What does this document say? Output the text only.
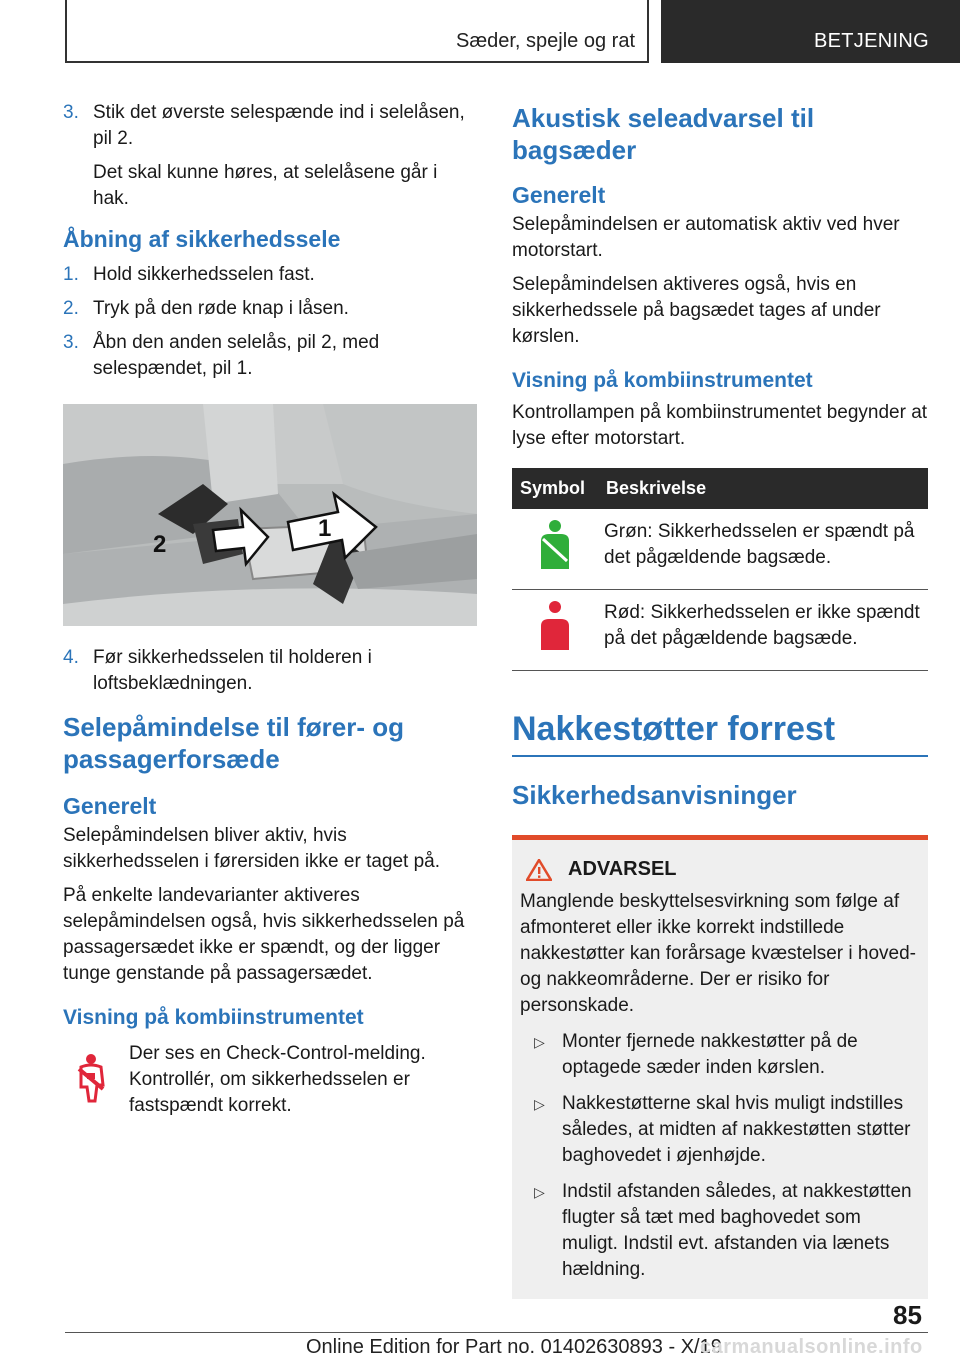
Sæder, spejle og rat	BETJENING
3. Stik det øverste selespænde ind i selelåsen, pil 2.
Det skal kunne høres, at selelåsene går i hak.
Åbning af sikkerhedssele
1. Hold sikkerhedsselen fast.
2. Tryk på den røde knap i låsen.
3. Åbn den anden selelås, pil 2, med selespændet, pil 1.
1
2
4. Før sikkerhedsselen til holderen i loftsbeklædningen.
Selepåmindelse til fører- og passagerforsæde
Generelt

Selepåmindelsen bliver aktiv, hvis sikkerhedsselen i førersiden ikke er taget på.

På enkelte landevarianter aktiveres selepåmindelsen også, hvis sikkerhedsselen på passagersædet ikke er spændt, og der ligger tunge genstande på passagersædet.

Visning på kombiinstrumentet

Der ses en Check-Control-melding. Kontrollér, om sikkerhedsselen er fastspændt korrekt.

Akustisk seleadvarsel til bagsæder
Generelt

Selepåmindelsen er automatisk aktiv ved hver motorstart.

Selepåmindelsen aktiveres også, hvis en sikkerhedssele på bagsædet tages af under kørslen.

Visning på kombiinstrumentet

Kontrollampen på kombiinstrumentet begynder at lyse efter motorstart.

Symbol	Beskrivelse
	Grøn: Sikkerhedsselen er spændt på det pågældende bagsæde.
	Rød: Sikkerhedsselen er ikke spændt på det pågældende bagsæde.
Nakkestøtter forrest
Sikkerhedsanvisninger
ADVARSEL

Manglende beskyttelsesvirkning som følge af afmonteret eller ikke korrekt indstillede nakkestøtter kan forårsage kvæstelser i hoved- og nakkeområderne. Der er risiko for personskade.

▷ Monter fjernede nakkestøtter på de optagede sæder inden kørslen.
▷ Nakkestøtterne skal hvis muligt indstilles således, at midten af nakkestøtten støtter baghovedet i øjenhøjde.
▷ Indstil afstanden således, at nakkestøtten flugter så tæt med baghovedet som muligt. Indstil evt. afstanden via lænets hældning.
85
Online Edition for Part no. 01402630893 - X/19
carmanualsonline.info
